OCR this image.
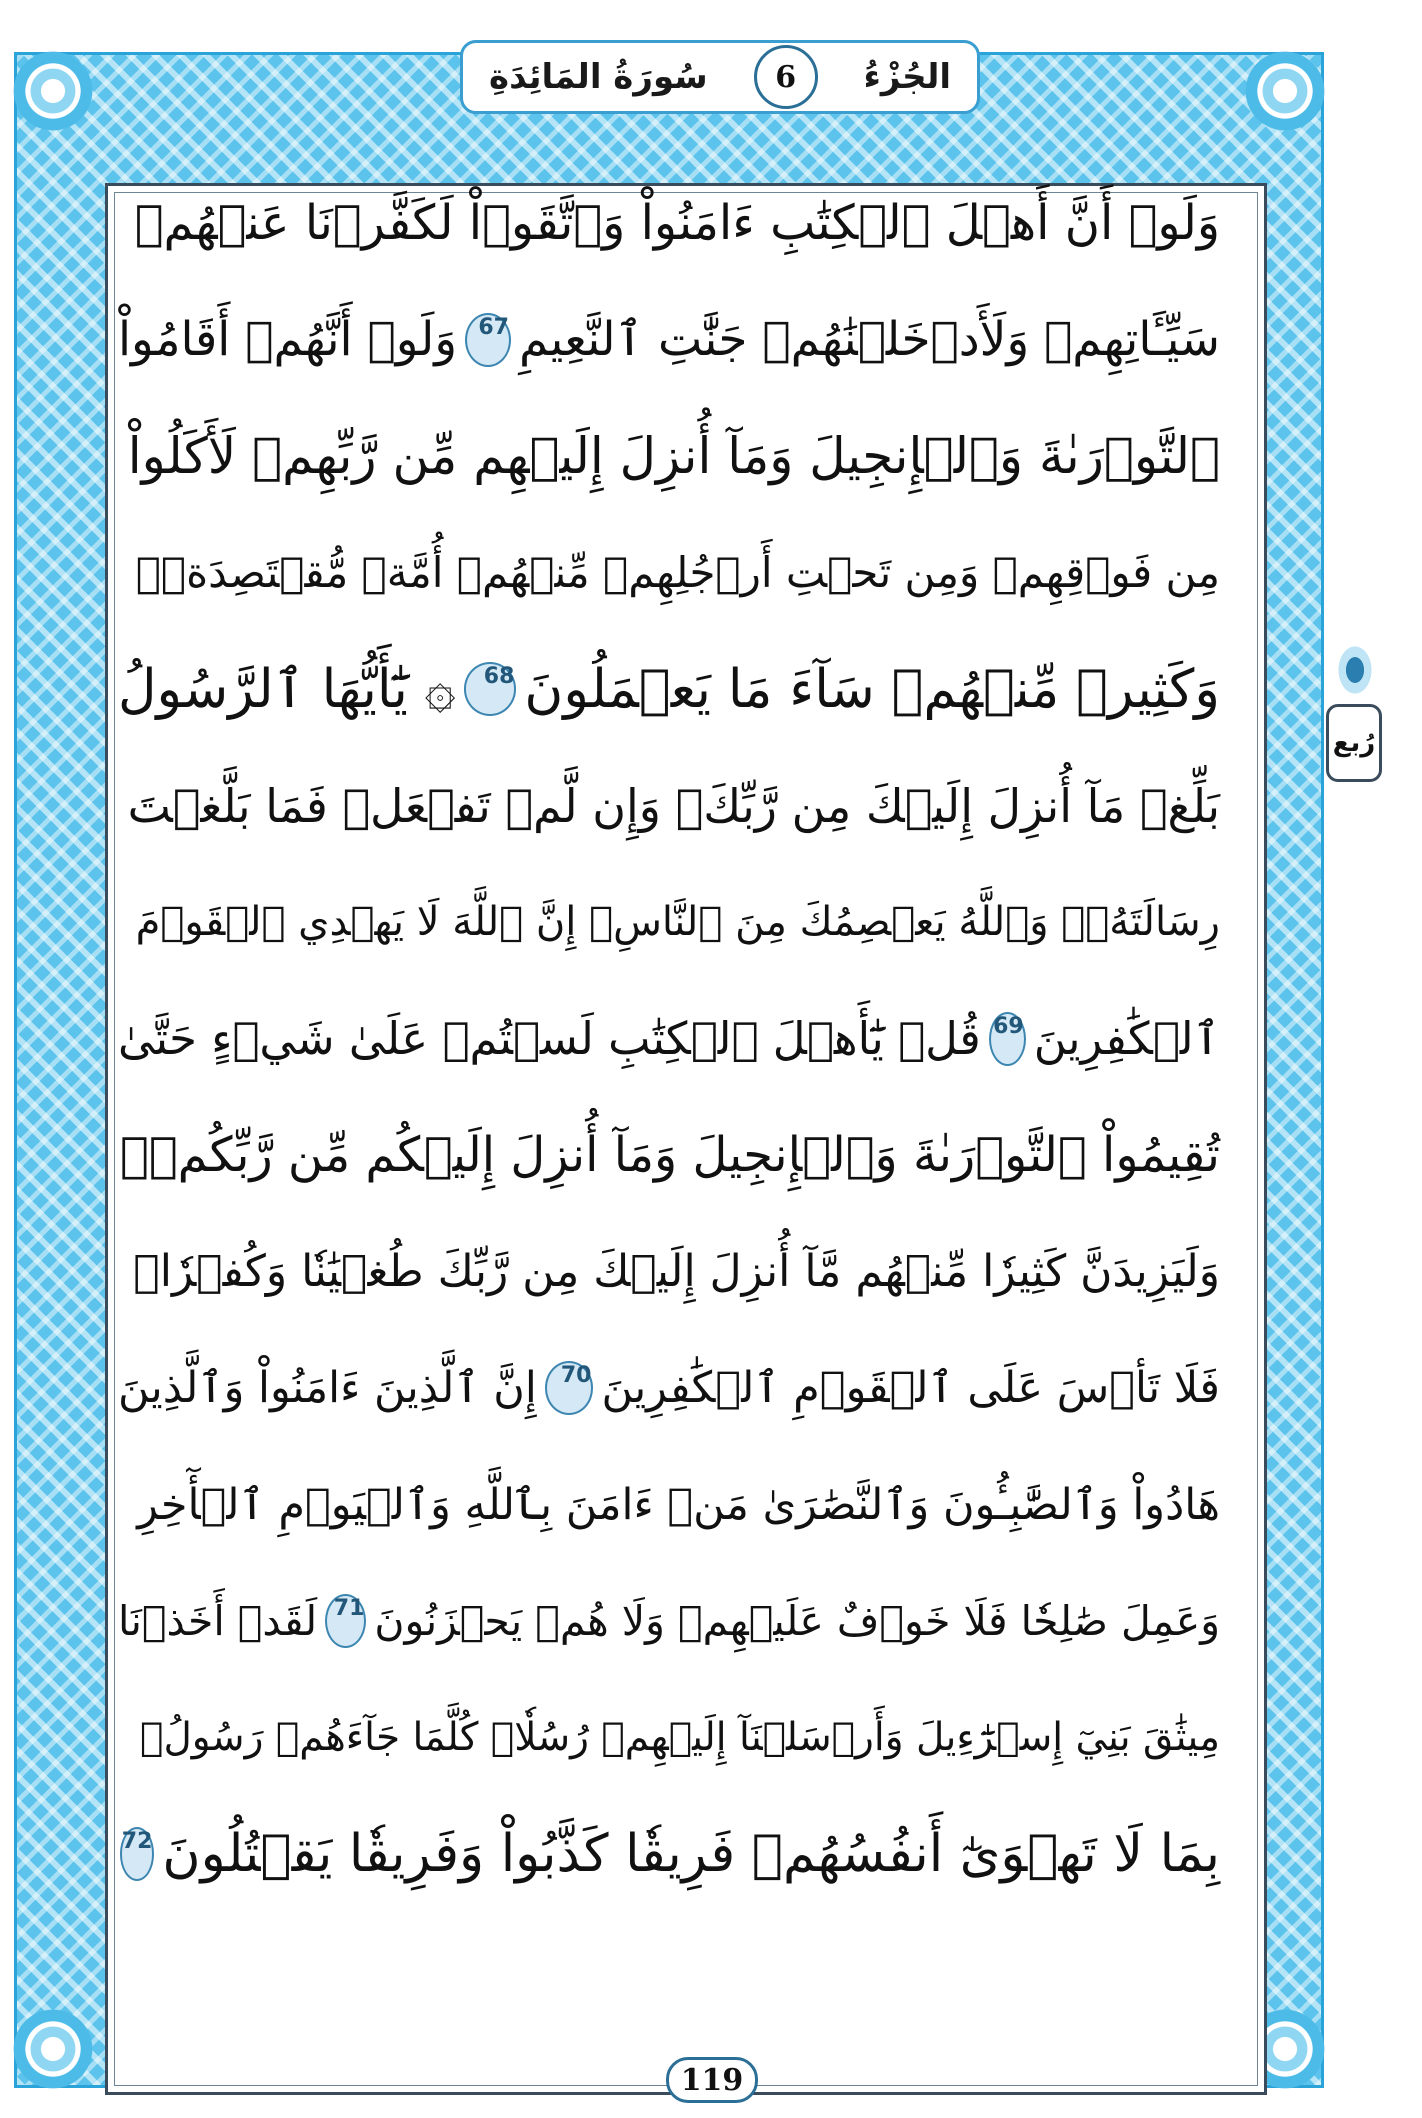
الجُزْءُ
6
سُورَةُ المَائِدَةِ
وَلَوۡ أَنَّ أَهۡلَ ٱلۡكِتَٰبِ ءَامَنُواْ وَٱتَّقَوۡاْ لَكَفَّرۡنَا عَنۡهُمۡ
سَيِّـَٔاتِهِمۡ وَلَأَدۡخَلۡنَٰهُمۡ جَنَّٰتِ ٱلنَّعِيمِ
67
وَلَوۡ أَنَّهُمۡ أَقَامُواْ
ٱلتَّوۡرَىٰةَ وَٱلۡإِنجِيلَ وَمَآ أُنزِلَ إِلَيۡهِم مِّن رَّبِّهِمۡ لَأَكَلُواْ
مِن فَوۡقِهِمۡ وَمِن تَحۡتِ أَرۡجُلِهِمۚ مِّنۡهُمۡ أُمَّةٞ مُّقۡتَصِدَةٞۖ
وَكَثِيرٞ مِّنۡهُمۡ سَآءَ مَا يَعۡمَلُونَ
68
۞ يَٰٓأَيُّهَا ٱلرَّسُولُ
بَلِّغۡ مَآ أُنزِلَ إِلَيۡكَ مِن رَّبِّكَۖ وَإِن لَّمۡ تَفۡعَلۡ فَمَا بَلَّغۡتَ
رِسَالَتَهُۥۚ وَٱللَّهُ يَعۡصِمُكَ مِنَ ٱلنَّاسِۗ إِنَّ ٱللَّهَ لَا يَهۡدِي ٱلۡقَوۡمَ
ٱلۡكَٰفِرِينَ
69
قُلۡ يَٰٓأَهۡلَ ٱلۡكِتَٰبِ لَسۡتُمۡ عَلَىٰ شَيۡءٍ حَتَّىٰ
تُقِيمُواْ ٱلتَّوۡرَىٰةَ وَٱلۡإِنجِيلَ وَمَآ أُنزِلَ إِلَيۡكُم مِّن رَّبِّكُمۡۗ
وَلَيَزِيدَنَّ كَثِيرٗا مِّنۡهُم مَّآ أُنزِلَ إِلَيۡكَ مِن رَّبِّكَ طُغۡيَٰنٗا وَكُفۡرٗاۖ
فَلَا تَأۡسَ عَلَى ٱلۡقَوۡمِ ٱلۡكَٰفِرِينَ
70
إِنَّ ٱلَّذِينَ ءَامَنُواْ وَٱلَّذِينَ
هَادُواْ وَٱلصَّٰبِـُٔونَ وَٱلنَّصَٰرَىٰ مَنۡ ءَامَنَ بِٱللَّهِ وَٱلۡيَوۡمِ ٱلۡأٓخِرِ
وَعَمِلَ صَٰلِحٗا فَلَا خَوۡفٌ عَلَيۡهِمۡ وَلَا هُمۡ يَحۡزَنُونَ
71
لَقَدۡ أَخَذۡنَا
مِيثَٰقَ بَنِيٓ إِسۡرَٰٓءِيلَ وَأَرۡسَلۡنَآ إِلَيۡهِمۡ رُسُلٗاۖ كُلَّمَا جَآءَهُمۡ رَسُولُۢ
بِمَا لَا تَهۡوَىٰٓ أَنفُسُهُمۡ فَرِيقٗا كَذَّبُواْ وَفَرِيقٗا يَقۡتُلُونَ
72
رُبع
119
